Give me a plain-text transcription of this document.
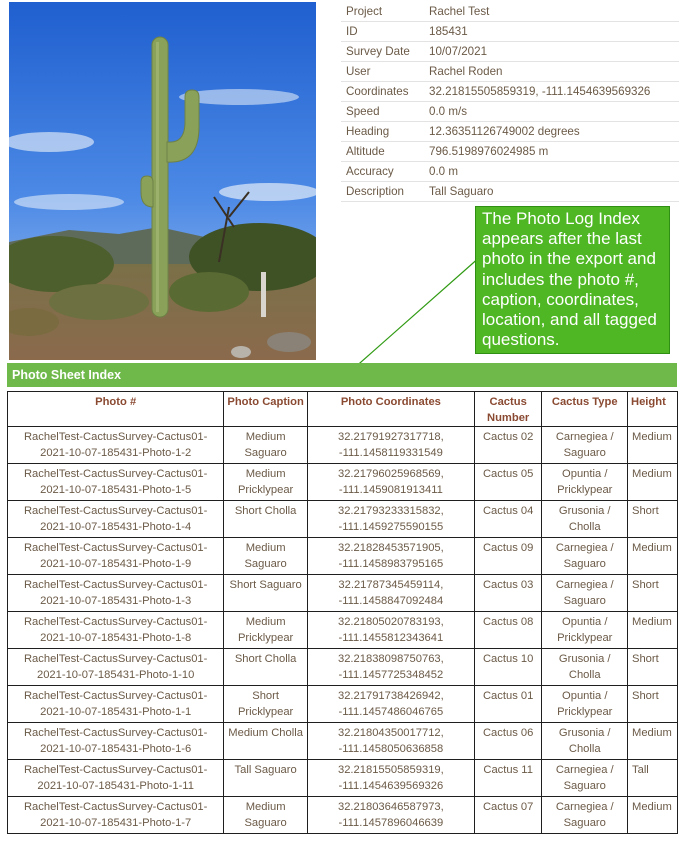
Project	Rachel Test
ID	185431
Survey Date	10/07/2021
User	Rachel Roden
Coordinates	32.21815505859319, -111.1454639569326
Speed	0.0 m/s
Heading	12.36351126749002 degrees
Altitude	796.5198976024985 m
Accuracy	0.0 m
Description	Tall Saguaro
The Photo Log Index appears after the last photo in the export and includes the photo #, caption, coordinates, location, and all tagged questions.
Photo Sheet Index
Photo #	Photo Caption	Photo Coordinates	Cactus Number	Cactus Type	Height
RachelTest-CactusSurvey-Cactus01-2021-10-07-185431-Photo-1-2	Medium Saguaro	32.21791927317718, -111.1458119331549	Cactus 02	Carnegiea / Saguaro	Medium
RachelTest-CactusSurvey-Cactus01-2021-10-07-185431-Photo-1-5	Medium Pricklypear	32.21796025968569, -111.1459081913411	Cactus 05	Opuntia / Pricklypear	Medium
RachelTest-CactusSurvey-Cactus01-2021-10-07-185431-Photo-1-4	Short Cholla	32.21793233315832, -111.1459275590155	Cactus 04	Grusonia / Cholla	Short
RachelTest-CactusSurvey-Cactus01-2021-10-07-185431-Photo-1-9	Medium Saguaro	32.21828453571905, -111.1458983795165	Cactus 09	Carnegiea / Saguaro	Medium
RachelTest-CactusSurvey-Cactus01-2021-10-07-185431-Photo-1-3	Short Saguaro	32.21787345459114, -111.1458847092484	Cactus 03	Carnegiea / Saguaro	Short
RachelTest-CactusSurvey-Cactus01-2021-10-07-185431-Photo-1-8	Medium Pricklypear	32.21805020783193, -111.1455812343641	Cactus 08	Opuntia / Pricklypear	Medium
RachelTest-CactusSurvey-Cactus01-2021-10-07-185431-Photo-1-10	Short Cholla	32.21838098750763, -111.1457725348452	Cactus 10	Grusonia / Cholla	Short
RachelTest-CactusSurvey-Cactus01-2021-10-07-185431-Photo-1-1	Short Pricklypear	32.21791738426942, -111.1457486046765	Cactus 01	Opuntia / Pricklypear	Short
RachelTest-CactusSurvey-Cactus01-2021-10-07-185431-Photo-1-6	Medium Cholla	32.21804350017712, -111.1458050636858	Cactus 06	Grusonia / Cholla	Medium
RachelTest-CactusSurvey-Cactus01-2021-10-07-185431-Photo-1-11	Tall Saguaro	32.21815505859319, -111.1454639569326	Cactus 11	Carnegiea / Saguaro	Tall
RachelTest-CactusSurvey-Cactus01-2021-10-07-185431-Photo-1-7	Medium Saguaro	32.21803646587973, -111.1457896046639	Cactus 07	Carnegiea / Saguaro	Medium
